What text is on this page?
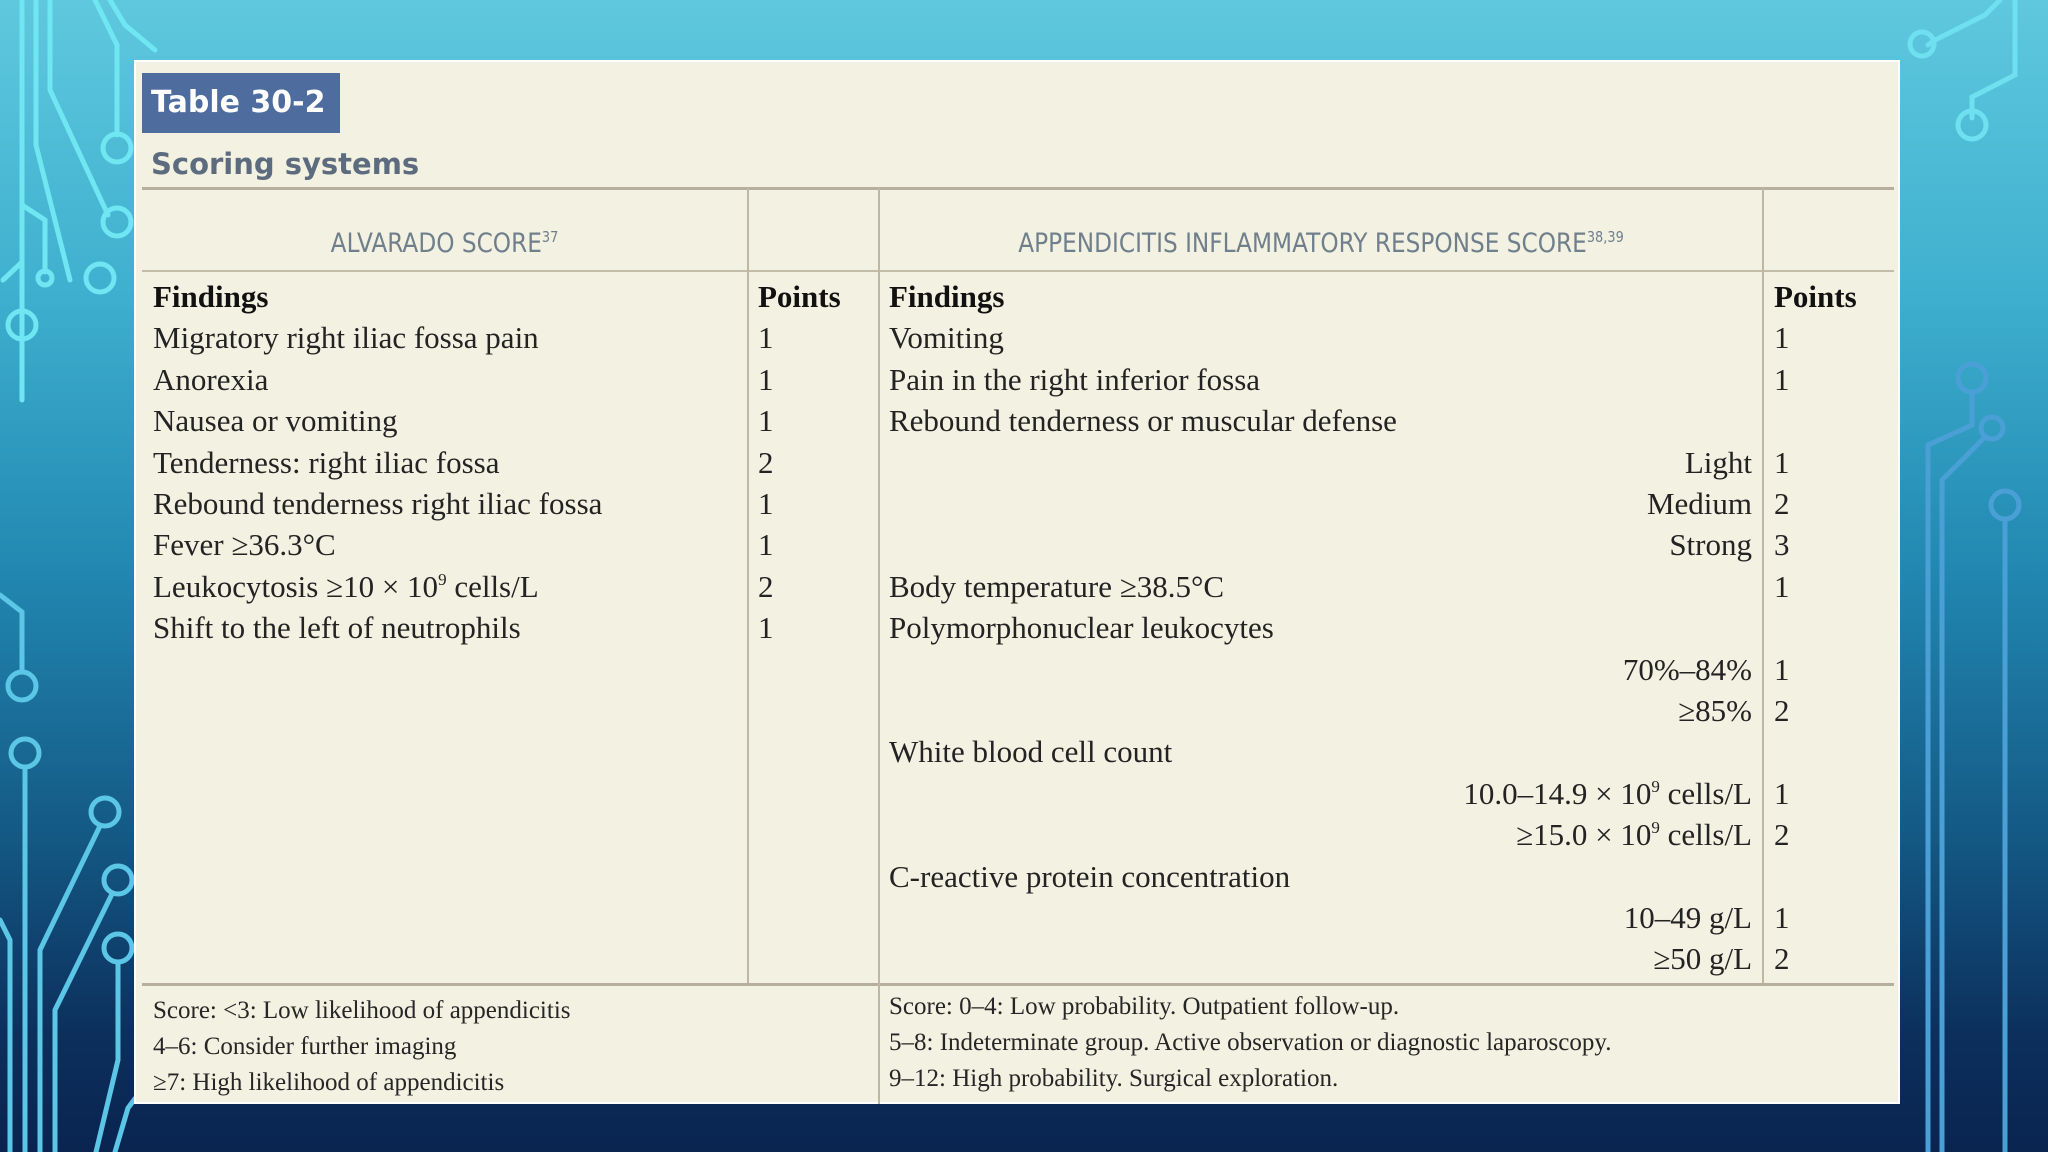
Table 30-2
Scoring systems
ALVARADO SCORE$^{37}$	APPENDICITIS INFLAMMATORY RESPONSE SCORE$^{38,39}$
Findings	Points Findings	Points
Migratory right iliac fossa pain	1
Anorexia	1
Nausea or vomiting	1
Tenderness: right iliac fossa	2
Rebound tenderness right iliac fossa	1
Fever ≥36.3°C	1
Leukocytosis $\ge 10 \times 10^9$ cells/L	2
Shift to the left of neutrophils	1
Vomiting	1
Pain in the right inferior fossa	1
Rebound tenderness or muscular defense
Light 1
Medium 2
Strong 3
Body temperature ≥38.5°C	1
Polymorphonuclear leukocytes
70%–84% 1
≥85% 2
White blood cell count
$10.0-14.9 \times 10^9$ cells/L 1
$\ge 15.0 \times 10^9$ cells/L 2
C-reactive protein concentration
10–49 g/L 1
≥50 g/L 2
Score: <3: Low likelihood of appendicitis
4–6: Consider further imaging
≥7: High likelihood of appendicitis
Score: 0–4: Low probability. Outpatient follow-up.
5–8: Indeterminate group. Active observation or diagnostic laparoscopy.
9–12: High probability. Surgical exploration.
